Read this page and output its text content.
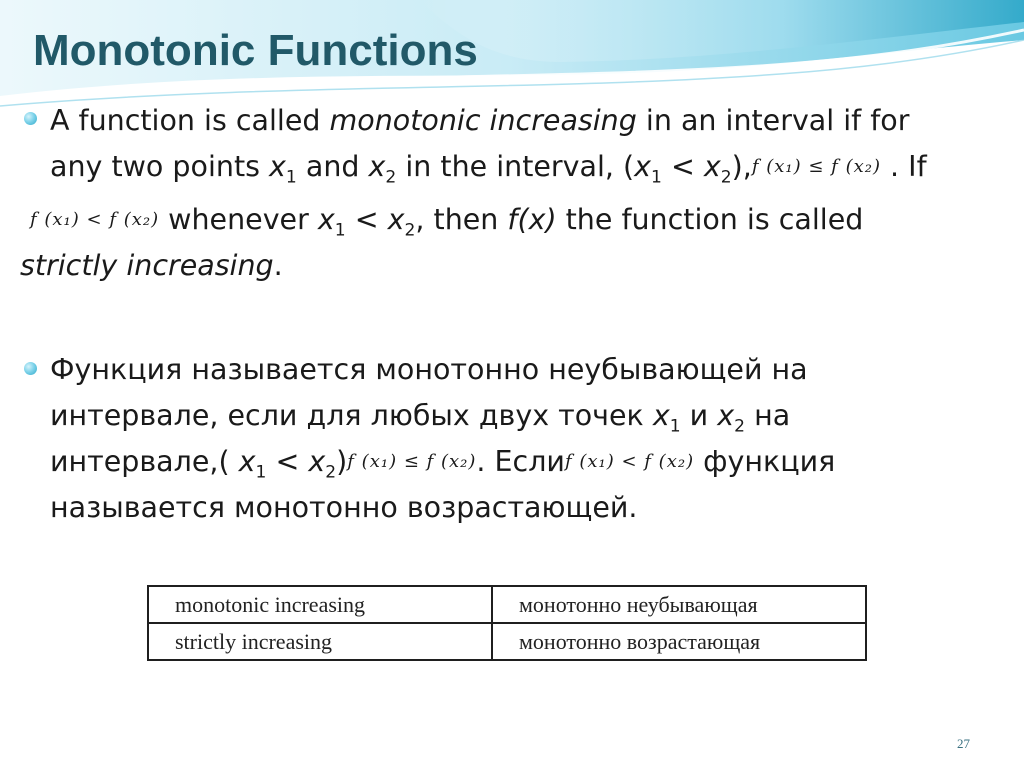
Monotonic Functions

A function is called monotonic increasing in an interval if for

any two points $x_1$ and $x_2$ in the interval, $(x_1 < x_2),f$ (x₁) ≤ f (x₂) . If

f (x₁) < f (x₂) whenever $x_1 < x_2$, then f(x) the function is called

strictly increasing.

Функция называется монотонно неубывающей на

интервале, если для любых двух точек $x_1$ и $x_2$ на

интервале,( $x_1 < x_2)f$ (x₁) ≤ f (x₂). Еслиf (x₁) < f (x₂) функция

называется монотонно возрастающей.

monotonic increasing	монотонно неубывающая
strictly increasing	монотонно возрастающая
27
